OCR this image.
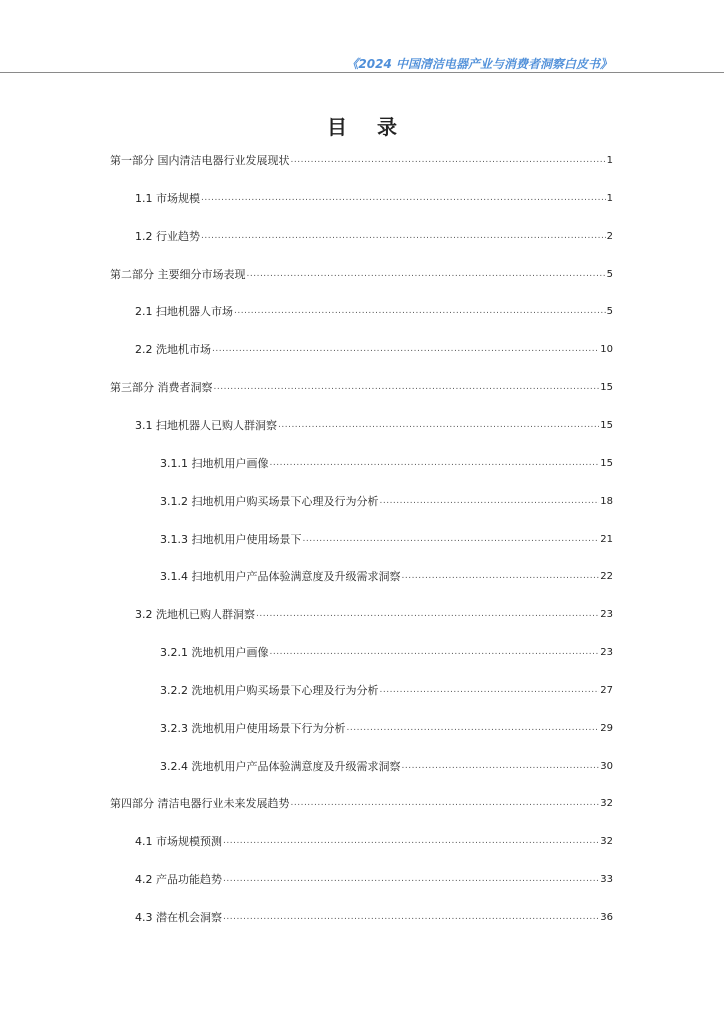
《2024 中国清洁电器产业与消费者洞察白皮书》
目 录
第一部分 国内清洁电器行业发展现状 .....	1
1.1 市场规模 .....	1
1.2 行业趋势 .....	2
第二部分 主要细分市场表现 .....	5
2.1 扫地机器人市场 .....	5
2.2 洗地机市场 .....	10
第三部分 消费者洞察 .....	15
3.1 扫地机器人已购人群洞察 .....	15
3.1.1 扫地机用户画像 .....	15
3.1.2 扫地机用户购买场景下心理及行为分析 .....	18
3.1.3 扫地机用户使用场景下 .....	21
3.1.4 扫地机用户产品体验满意度及升级需求洞察 .....	22
3.2 洗地机已购人群洞察 .....	23
3.2.1 洗地机用户画像 .....	23
3.2.2 洗地机用户购买场景下心理及行为分析 .....	27
3.2.3 洗地机用户使用场景下行为分析 .....	29
3.2.4 洗地机用户产品体验满意度及升级需求洞察 .....	30
第四部分 清洁电器行业未来发展趋势 .....	32
4.1 市场规模预测 .....	32
4.2 产品功能趋势 .....	33
4.3 潜在机会洞察 .....	36
